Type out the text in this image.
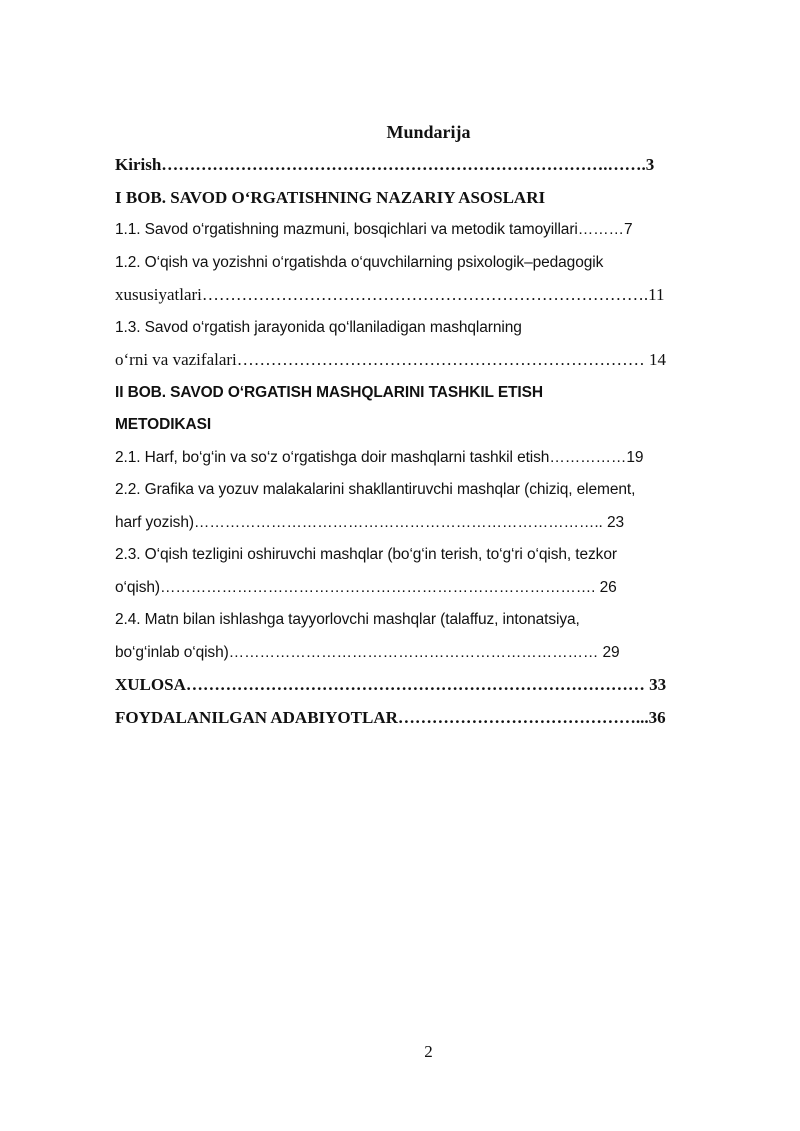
Mundarija
Kirish…………………………………………………………………….…….3
I BOB. SAVOD O‘RGATISHNING NAZARIY ASOSLARI
1.1. Savod o‘rgatishning mazmuni, bosqichlari va metodik tamoyillari………7
1.2. O‘qish va yozishni o‘rgatishda o‘quvchilarning psixologik–pedagogik
xususiyatlari…………………………………………………………………….11
1.3. Savod o‘rgatish jarayonida qo‘llaniladigan mashqlarning
o‘rni va vazifalari……………………………………………………………… 14
II BOB. SAVOD O‘RGATISH MASHQLARINI TASHKIL ETISH
METODIKASI
2.1. Harf, bo‘g‘in va so‘z o‘rgatishga doir mashqlarni tashkil etish……………19
2.2. Grafika va yozuv malakalarini shakllantiruvchi mashqlar (chiziq, element,
harf yozish)…………………………………………………………………….. 23
2.3. O‘qish tezligini oshiruvchi mashqlar (bo‘g‘in terish, to‘g‘ri o‘qish, tezkor
o‘qish)…………………………………………………………………………. 26
2.4. Matn bilan ishlashga tayyorlovchi mashqlar (talaffuz, intonatsiya,
bo‘g‘inlab o‘qish)……………………………………………………………… 29
XULOSA……………………………………………………………………… 33
FOYDALANILGAN ADABIYOTLAR……………………………………...36
2
